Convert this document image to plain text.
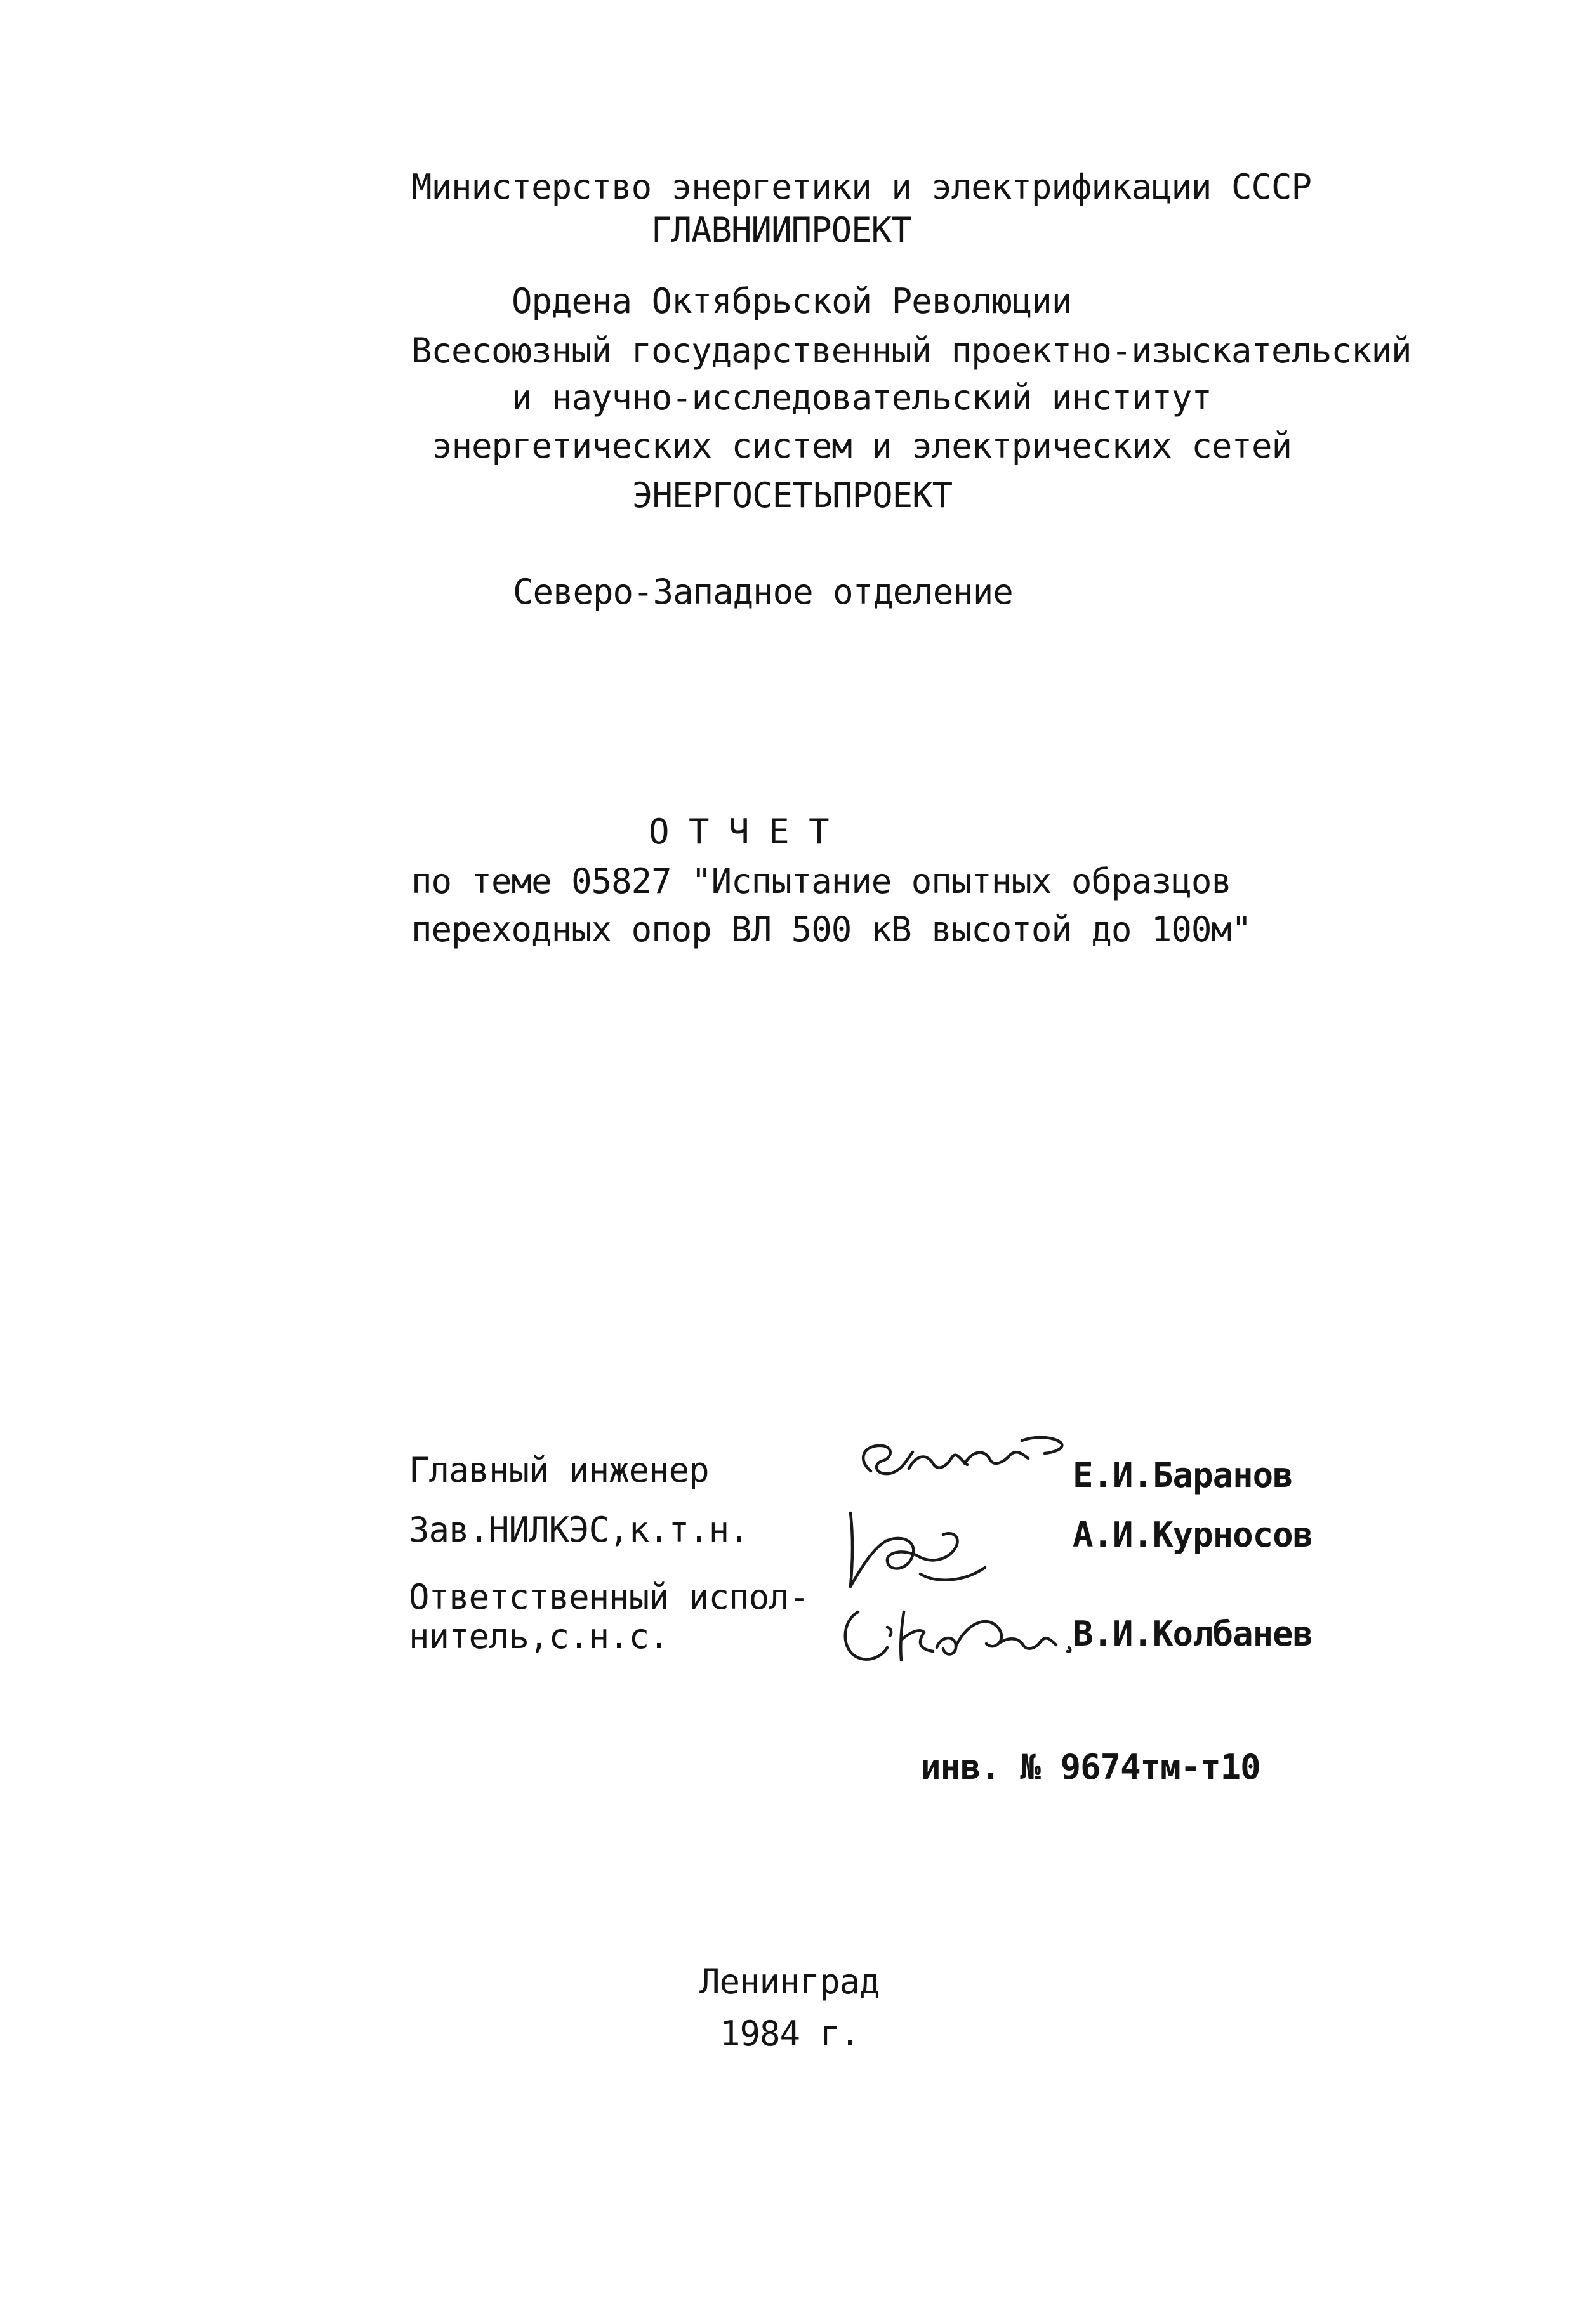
Министерство энергетики и электрификации СССР

ГЛАВНИИПРОЕКТ

Ордена Октябрьской Революции

Всесоюзный государственный проектно-изыскательский

и научно-исследовательский институт

энергетических систем и электрических сетей

ЭНЕРГОСЕТЬПРОЕКТ

Северо-Западное отделение

О Т Ч Е Т

по теме 05827 "Испытание опытных образцов

переходных опор ВЛ 500 кВ высотой до 100м"

Главный инженер

Зав.НИЛКЭС,к.т.н.

Ответственный испол-

нитель,с.н.с.

Е.И.Баранов

А.И.Курносов

В.И.Колбанев

инв. № 9674тм-т10

Ленинград

1984 г.
